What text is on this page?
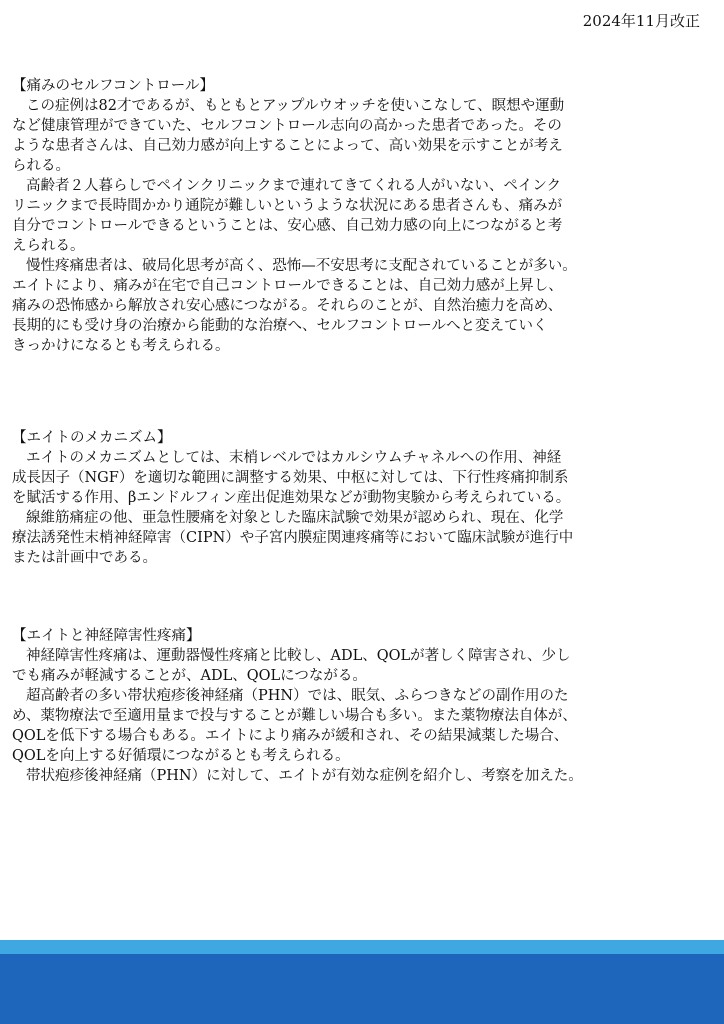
2024年11月改正
【痛みのセルフコントロール】
この症例は82才であるが、もともとアップルウオッチを使いこなして、瞑想や運動
など健康管理ができていた、セルフコントロール志向の高かった患者であった。その
ような患者さんは、自己効力感が向上することによって、高い効果を示すことが考え
られる。
高齢者２人暮らしでペインクリニックまで連れてきてくれる人がいない、ペインク
リニックまで長時間かかり通院が難しいというような状況にある患者さんも、痛みが
自分でコントロールできるということは、安心感、自己効力感の向上につながると考
えられる。
慢性疼痛患者は、破局化思考が高く、恐怖—不安思考に支配されていることが多い。
エイトにより、痛みが在宅で自己コントロールできることは、自己効力感が上昇し、
痛みの恐怖感から解放され安心感につながる。それらのことが、自然治癒力を高め、
長期的にも受け身の治療から能動的な治療へ、セルフコントロールへと変えていく
きっかけになるとも考えられる。
【エイトのメカニズム】
エイトのメカニズムとしては、末梢レベルではカルシウムチャネルへの作用、神経
成長因子（NGF）を適切な範囲に調整する効果、中枢に対しては、下行性疼痛抑制系
を賦活する作用、βエンドルフィン産出促進効果などが動物実験から考えられている。
線維筋痛症の他、亜急性腰痛を対象とした臨床試験で効果が認められ、現在、化学
療法誘発性末梢神経障害（CIPN）や子宮内膜症関連疼痛等において臨床試験が進行中
または計画中である。
【エイトと神経障害性疼痛】
神経障害性疼痛は、運動器慢性疼痛と比較し、ADL、QOLが著しく障害され、少し
でも痛みが軽減することが、ADL、QOLにつながる。
超高齢者の多い帯状疱疹後神経痛（PHN）では、眠気、ふらつきなどの副作用のた
め、薬物療法で至適用量まで投与することが難しい場合も多い。また薬物療法自体が、
QOLを低下する場合もある。エイトにより痛みが緩和され、その結果減薬した場合、
QOLを向上する好循環につながるとも考えられる。
帯状疱疹後神経痛（PHN）に対して、エイトが有効な症例を紹介し、考察を加えた。
